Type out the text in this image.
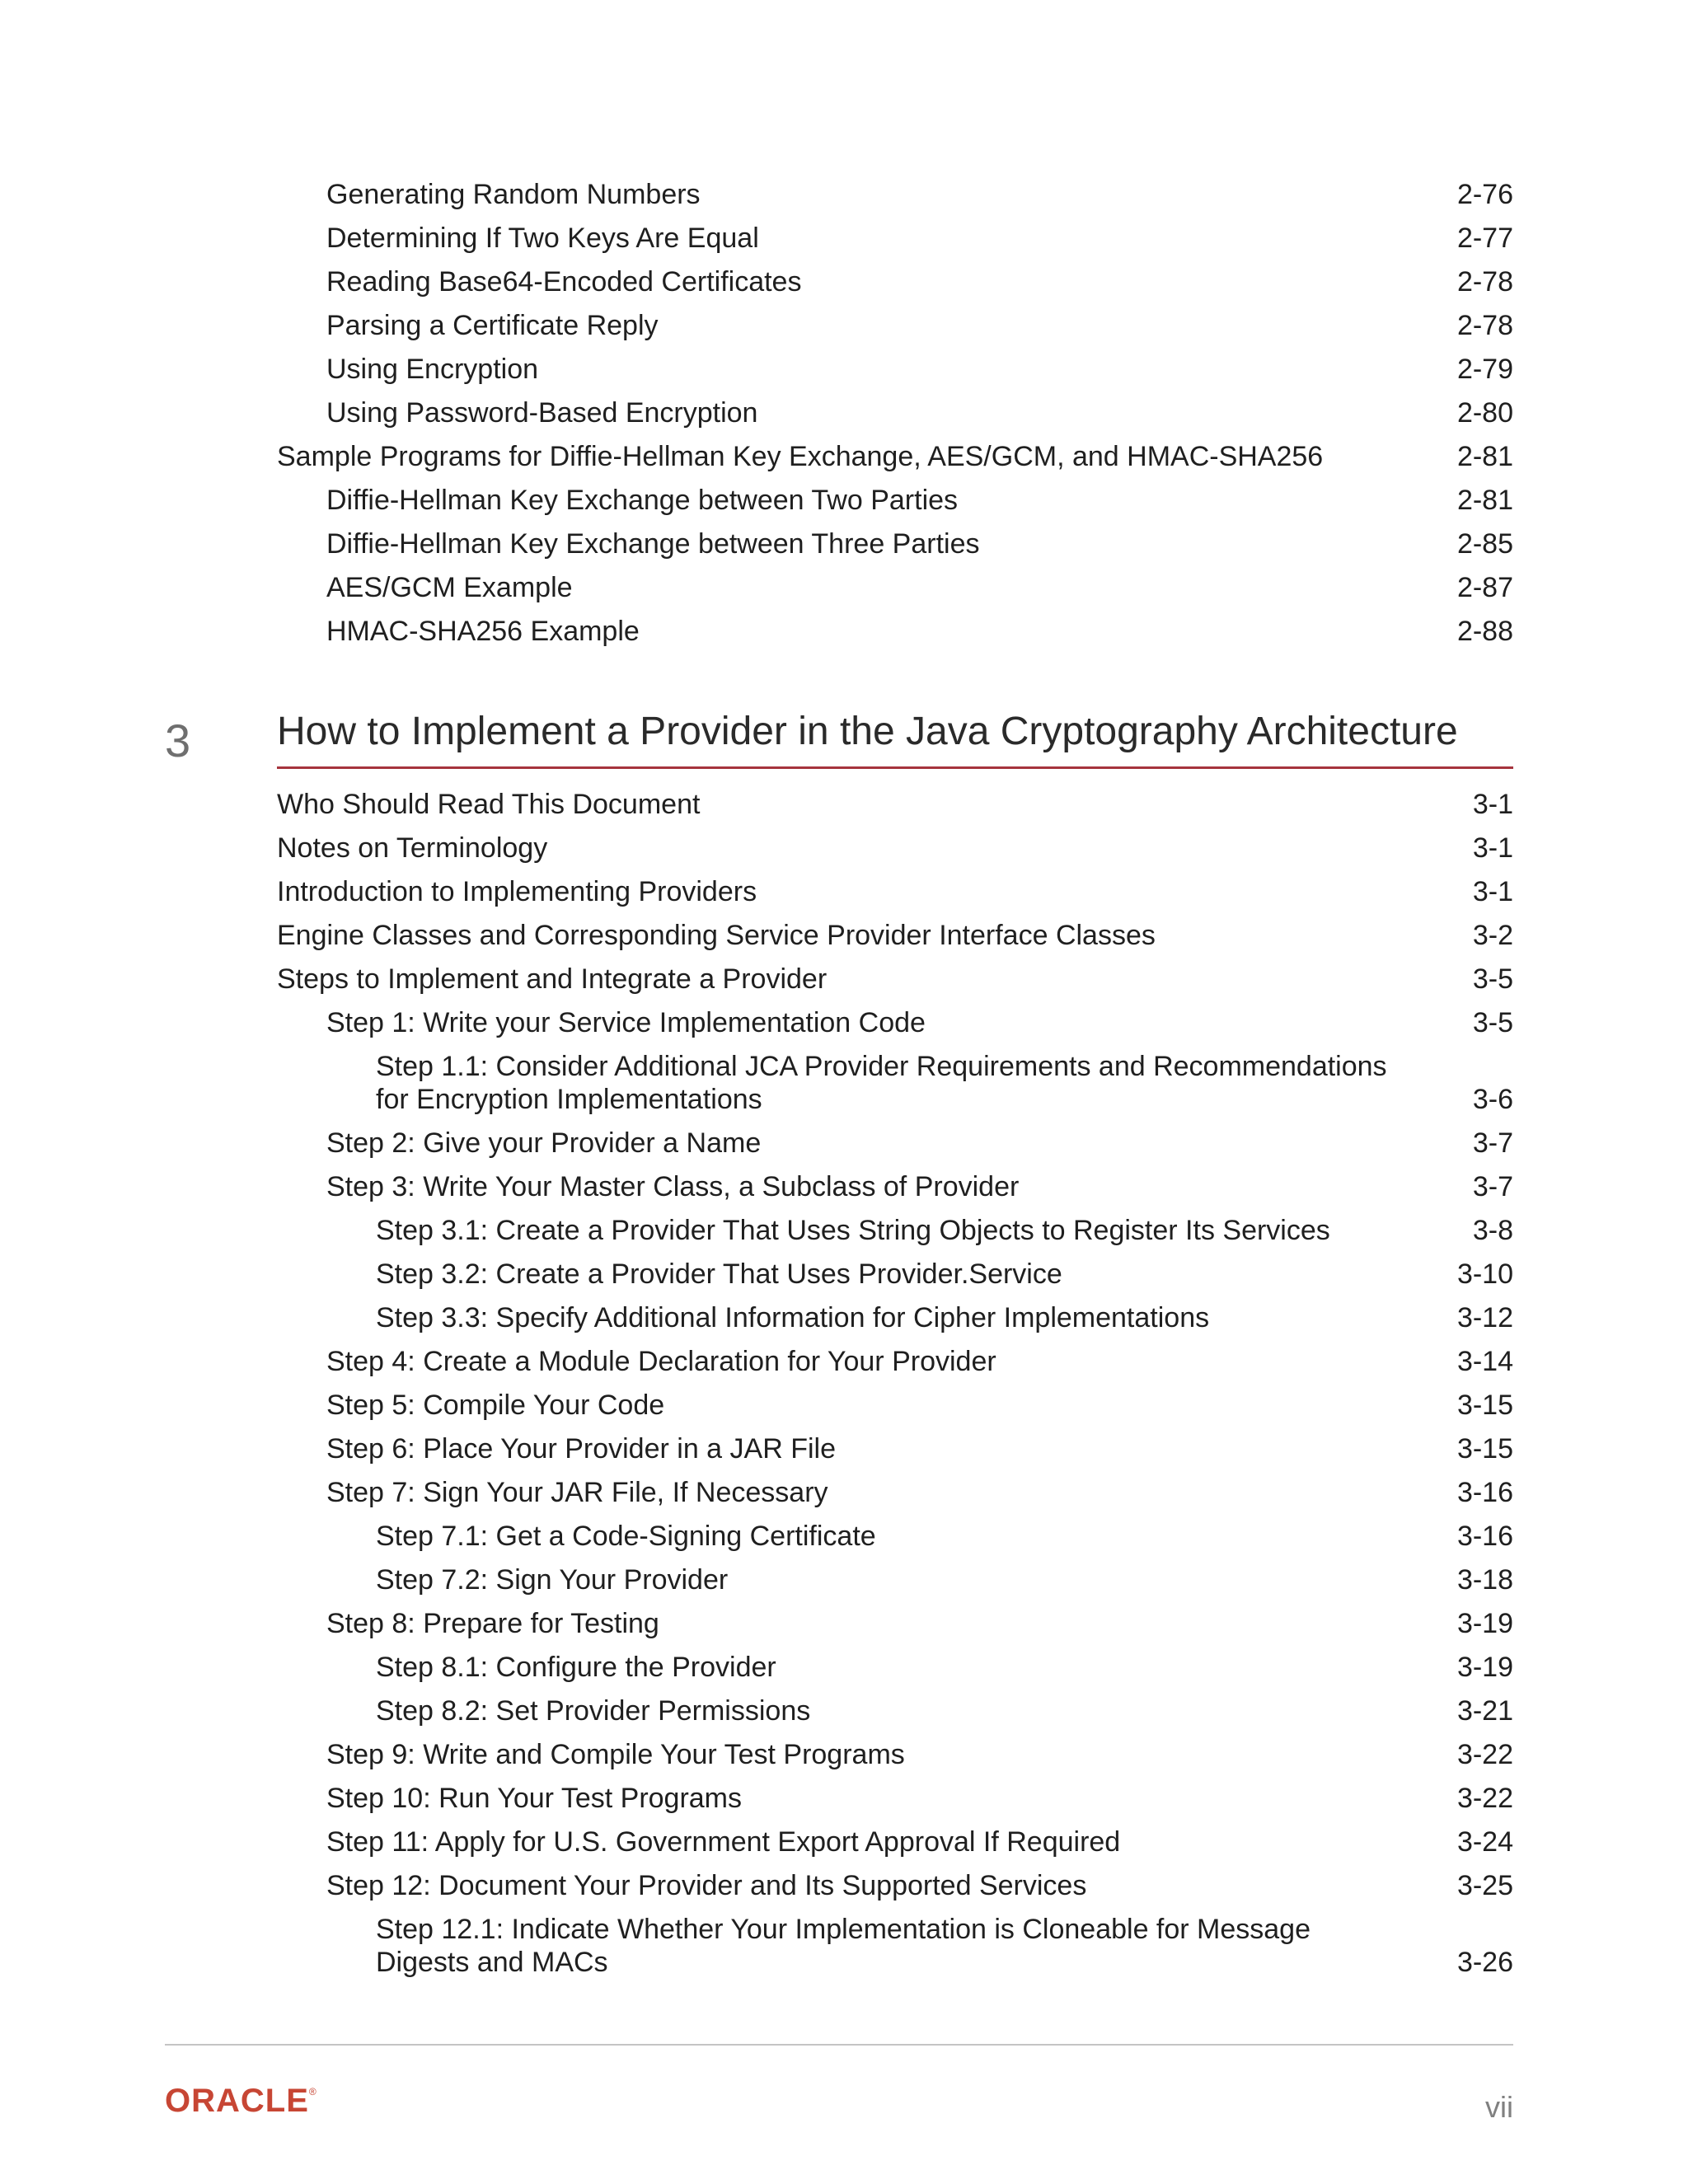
Generating Random Numbers	2-76
Determining If Two Keys Are Equal	2-77
Reading Base64-Encoded Certificates	2-78
Parsing a Certificate Reply	2-78
Using Encryption	2-79
Using Password-Based Encryption	2-80
Sample Programs for Diffie-Hellman Key Exchange, AES/GCM, and HMAC-SHA256	2-81
Diffie-Hellman Key Exchange between Two Parties	2-81
Diffie-Hellman Key Exchange between Three Parties	2-85
AES/GCM Example	2-87
HMAC-SHA256 Example	2-88
3 How to Implement a Provider in the Java Cryptography Architecture
Who Should Read This Document	3-1
Notes on Terminology	3-1
Introduction to Implementing Providers	3-1
Engine Classes and Corresponding Service Provider Interface Classes	3-2
Steps to Implement and Integrate a Provider	3-5
Step 1: Write your Service Implementation Code	3-5
Step 1.1: Consider Additional JCA Provider Requirements and Recommendations for Encryption Implementations	3-6
Step 2: Give your Provider a Name	3-7
Step 3: Write Your Master Class, a Subclass of Provider	3-7
Step 3.1: Create a Provider That Uses String Objects to Register Its Services	3-8
Step 3.2: Create a Provider That Uses Provider.Service	3-10
Step 3.3: Specify Additional Information for Cipher Implementations	3-12
Step 4: Create a Module Declaration for Your Provider	3-14
Step 5: Compile Your Code	3-15
Step 6: Place Your Provider in a JAR File	3-15
Step 7: Sign Your JAR File, If Necessary	3-16
Step 7.1: Get a Code-Signing Certificate	3-16
Step 7.2: Sign Your Provider	3-18
Step 8: Prepare for Testing	3-19
Step 8.1: Configure the Provider	3-19
Step 8.2: Set Provider Permissions	3-21
Step 9: Write and Compile Your Test Programs	3-22
Step 10: Run Your Test Programs	3-22
Step 11: Apply for U.S. Government Export Approval If Required	3-24
Step 12: Document Your Provider and Its Supported Services	3-25
Step 12.1: Indicate Whether Your Implementation is Cloneable for Message Digests and MACs	3-26
ORACLE®	vii
